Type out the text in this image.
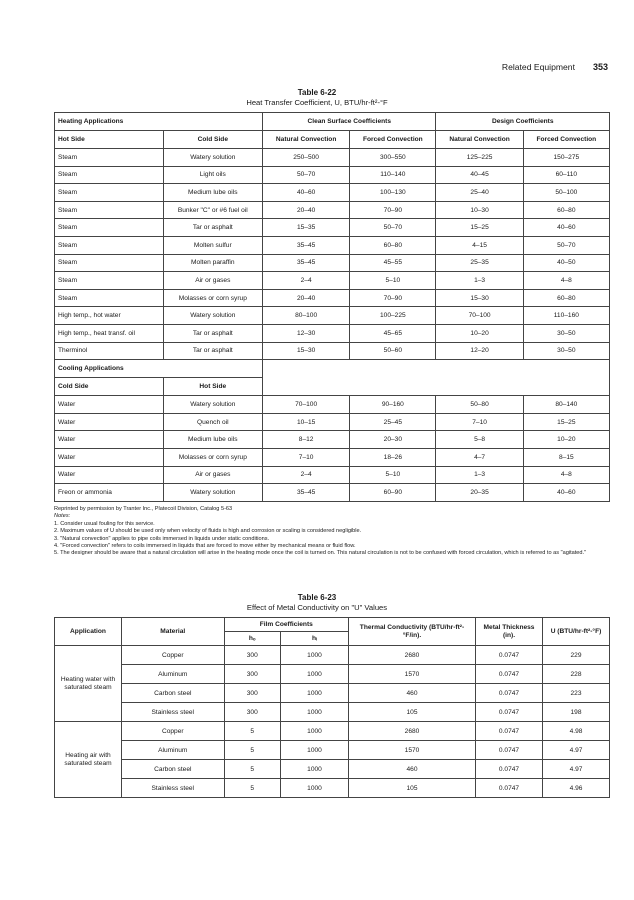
Related Equipment 353
Table 6-22
Heat Transfer Coefficient, U, BTU/hr-ft²-°F
Heating Applications		Clean Surface Coefficients		Design Coefficients	
Hot Side	Cold Side	Natural Convection	Forced Convection	Natural Convection	Forced Convection
Steam	Watery solution	250–500	300–550	125–225	150–275
Steam	Light oils	50–70	110–140	40–45	60–110
Steam	Medium lube oils	40–60	100–130	25–40	50–100
Steam	Bunker "C" or #6 fuel oil	20–40	70–90	10–30	60–80
Steam	Tar or asphalt	15–35	50–70	15–25	40–60
Steam	Molten sulfur	35–45	60–80	4–15	50–70
Steam	Molten paraffin	35–45	45–55	25–35	40–50
Steam	Air or gases	2–4	5–10	1–3	4–8
Steam	Molasses or corn syrup	20–40	70–90	15–30	60–80
High temp., hot water	Watery solution	80–100	100–225	70–100	110–160
High temp., heat transf. oil	Tar or asphalt	12–30	45–65	10–20	30–50
Therminol	Tar or asphalt	15–30	50–60	12–20	30–50
Cooling Applications					
Cold Side	Hot Side				
Water	Watery solution	70–100	90–160	50–80	80–140
Water	Quench oil	10–15	25–45	7–10	15–25
Water	Medium lube oils	8–12	20–30	5–8	10–20
Water	Molasses or corn syrup	7–10	18–26	4–7	8–15
Water	Air or gases	2–4	5–10	1–3	4–8
Freon or ammonia	Watery solution	35–45	60–90	20–35	40–60
Reprinted by permission by Tranter Inc., Platecoil Division, Catalog 5-63
Notes:
1. Consider usual fouling for this service.
2. Maximum values of U should be used only when velocity of fluids is high and corrosion or scaling is considered negligible.
3. "Natural convection" applies to pipe coils immersed in liquids under static conditions.
4. "Forced convection" refers to coils immersed in liquids that are forced to move either by mechanical means or fluid flow.
5. The designer should be aware that a natural circulation will arise in the heating mode once the coil is turned on. This natural circulation is not to be confused with forced circulation, which is referred to as "agitated."
Table 6-23
Effect of Metal Conductivity on "U" Values
Application	Material	Film Coefficients		Thermal Conductivity (BTU/hr-ft²-°F/in).	Metal Thickness (in).	U (BTU/hr-ft²-°F)
		hₒ	hᵢ			
Heating water with saturated steam	Copper	300	1000	2680	0.0747	229
	Aluminum	300	1000	1570	0.0747	228
	Carbon steel	300	1000	460	0.0747	223
	Stainless steel	300	1000	105	0.0747	198
Heating air with saturated steam	Copper	5	1000	2680	0.0747	4.98
	Aluminum	5	1000	1570	0.0747	4.97
	Carbon steel	5	1000	460	0.0747	4.97
	Stainless steel	5	1000	105	0.0747	4.96
